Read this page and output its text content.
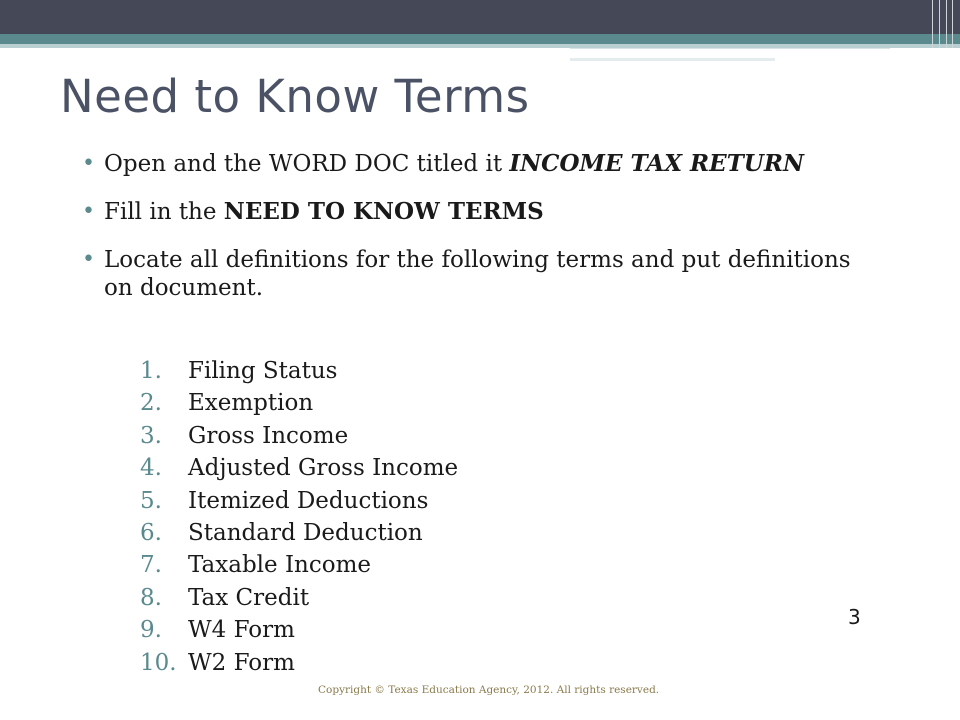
Need to Know Terms
• Open and the WORD DOC titled it INCOME TAX RETURN
• Fill in the NEED TO KNOW TERMS
• Locate all definitions for the following terms and put definitions on document.
1.	Filing Status
2.	Exemption
3.	Gross Income
4.	Adjusted Gross Income
5.	Itemized Deductions
6.	Standard Deduction
7.	Taxable Income
8.	Tax Credit
9.	W4 Form
10. W2 Form
3
Copyright © Texas Education Agency, 2012. All rights reserved.
